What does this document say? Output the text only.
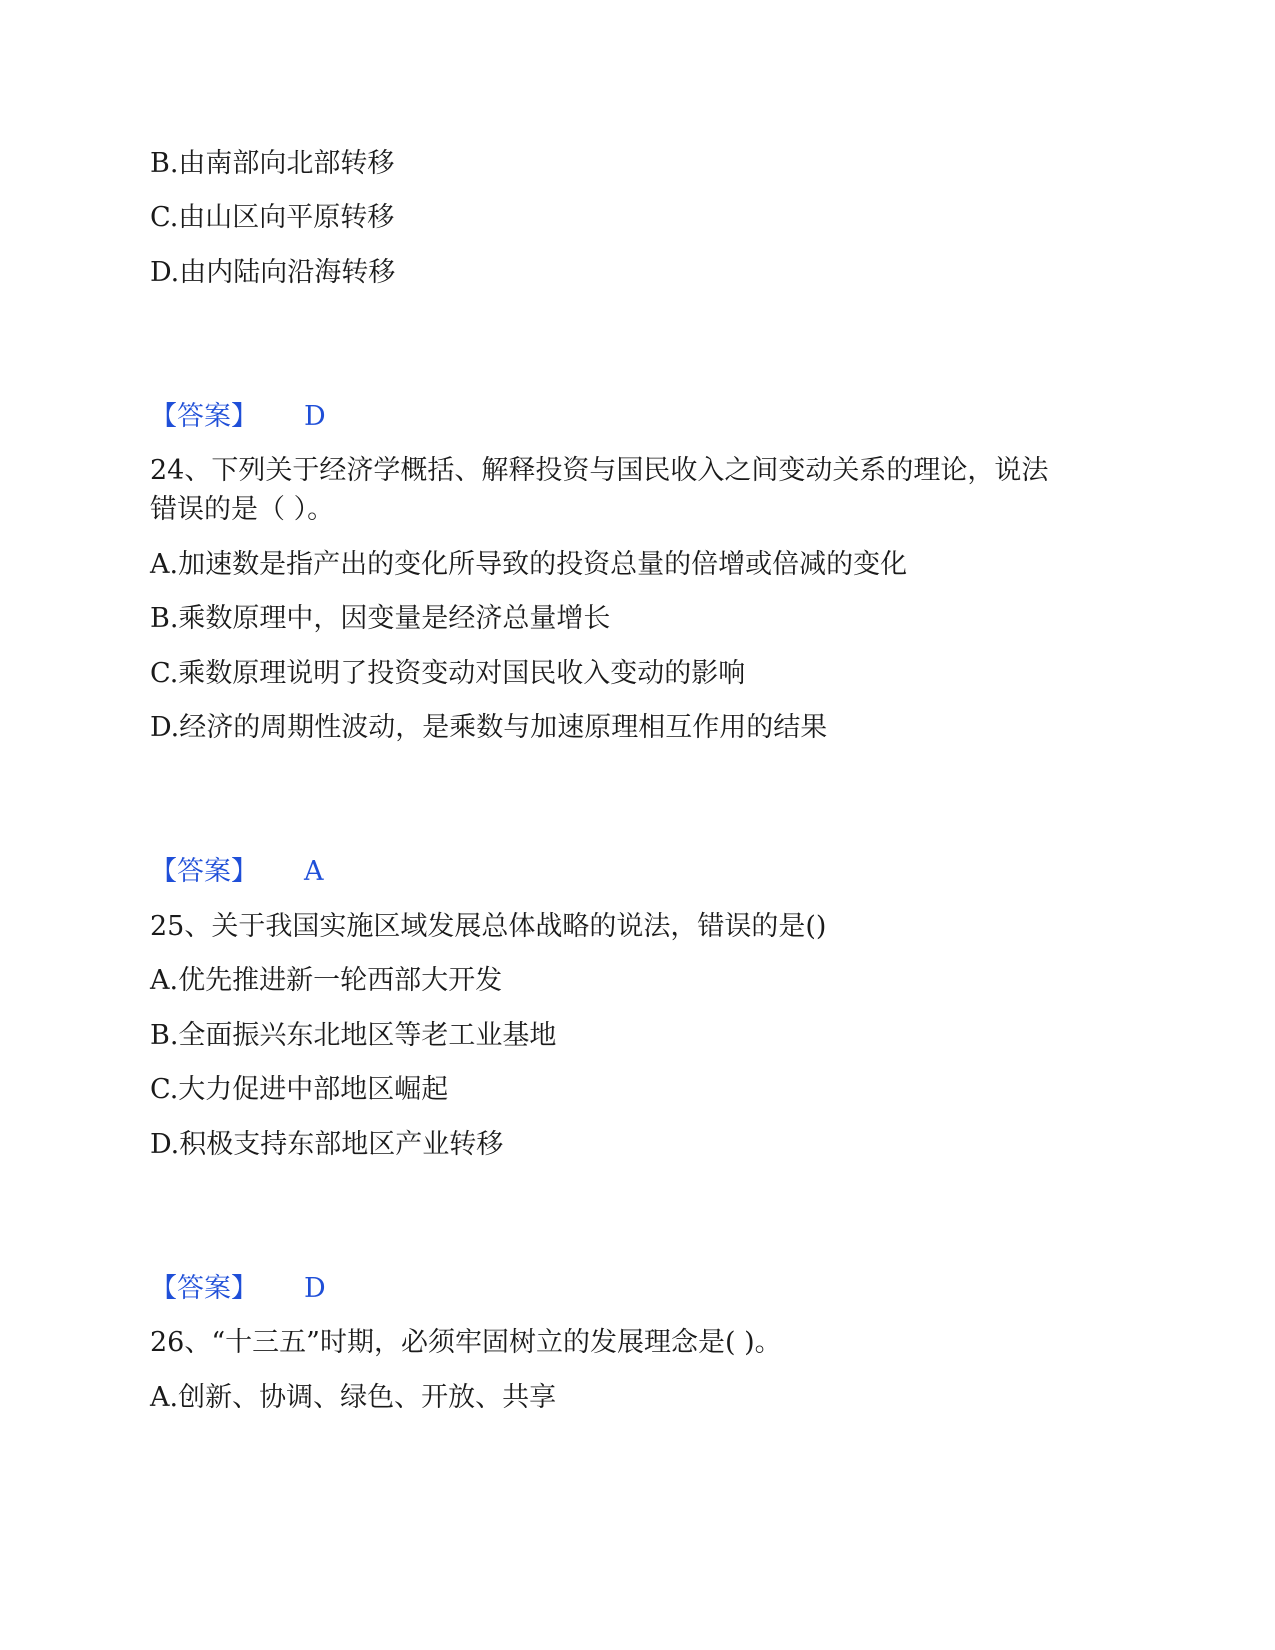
B.由南部向北部转移
C.由山区向平原转移
D.由内陆向沿海转移
【答案】 D
24、下列关于经济学概括、解释投资与国民收入之间变动关系的理论，说法
错误的是（ ）。
A.加速数是指产出的变化所导致的投资总量的倍增或倍减的变化
B.乘数原理中，因变量是经济总量增长
C.乘数原理说明了投资变动对国民收入变动的影响
D.经济的周期性波动，是乘数与加速原理相互作用的结果
【答案】 A
25、关于我国实施区域发展总体战略的说法，错误的是()
A.优先推进新一轮西部大开发
B.全面振兴东北地区等老工业基地
C.大力促进中部地区崛起
D.积极支持东部地区产业转移
【答案】 D
26、“十三五”时期，必须牢固树立的发展理念是( )。
A.创新、协调、绿色、开放、共享
